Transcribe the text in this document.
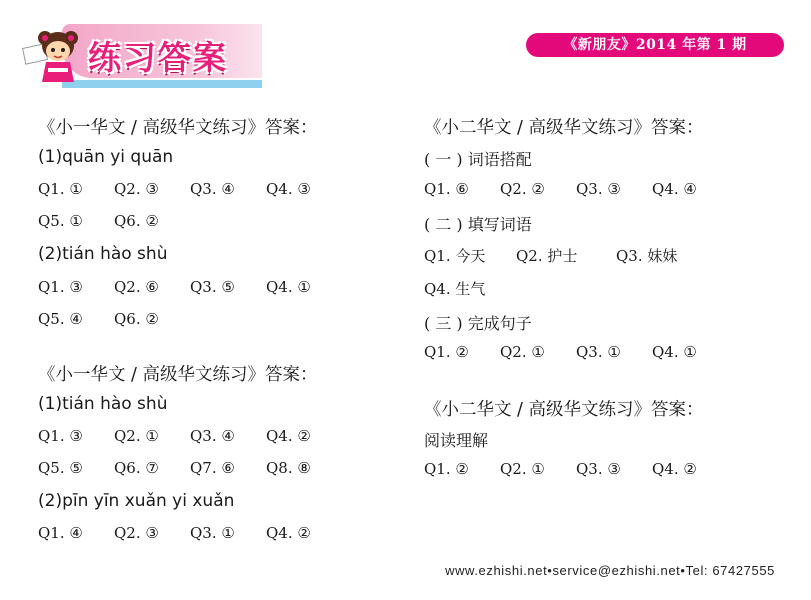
练习答案	《新朋友》2014 年第 1 期
《小一华文 / 高级华文练习》答案：
(1)quān yi quān
Q1. ① Q2. ③ Q3. ④ Q4. ③
Q5. ① Q6. ②
(2)tián hào shù
Q1. ③ Q2. ⑥ Q3. ⑤ Q4. ①
Q5. ④ Q6. ②
《小一华文 / 高级华文练习》答案：
(1)tián hào shù
Q1. ③ Q2. ① Q3. ④ Q4. ②
Q5. ⑤ Q6. ⑦ Q7. ⑥ Q8. ⑧
(2)pīn yīn xuǎn yi xuǎn
Q1. ④ Q2. ③ Q3. ① Q4. ②
《小二华文 / 高级华文练习》答案：
( 一 ) 词语搭配
Q1. ⑥ Q2. ② Q3. ③ Q4. ④
( 二 ) 填写词语
Q1. 今天 Q2. 护士	Q3. 妹妹
Q4. 生气
( 三 ) 完成句子
Q1. ② Q2. ① Q3. ① Q4. ①
《小二华文 / 高级华文练习》答案：
阅读理解
Q1. ② Q2. ① Q3. ③ Q4. ②
www.ezhishi.net•service@ezhishi.net•Tel: 67427555
